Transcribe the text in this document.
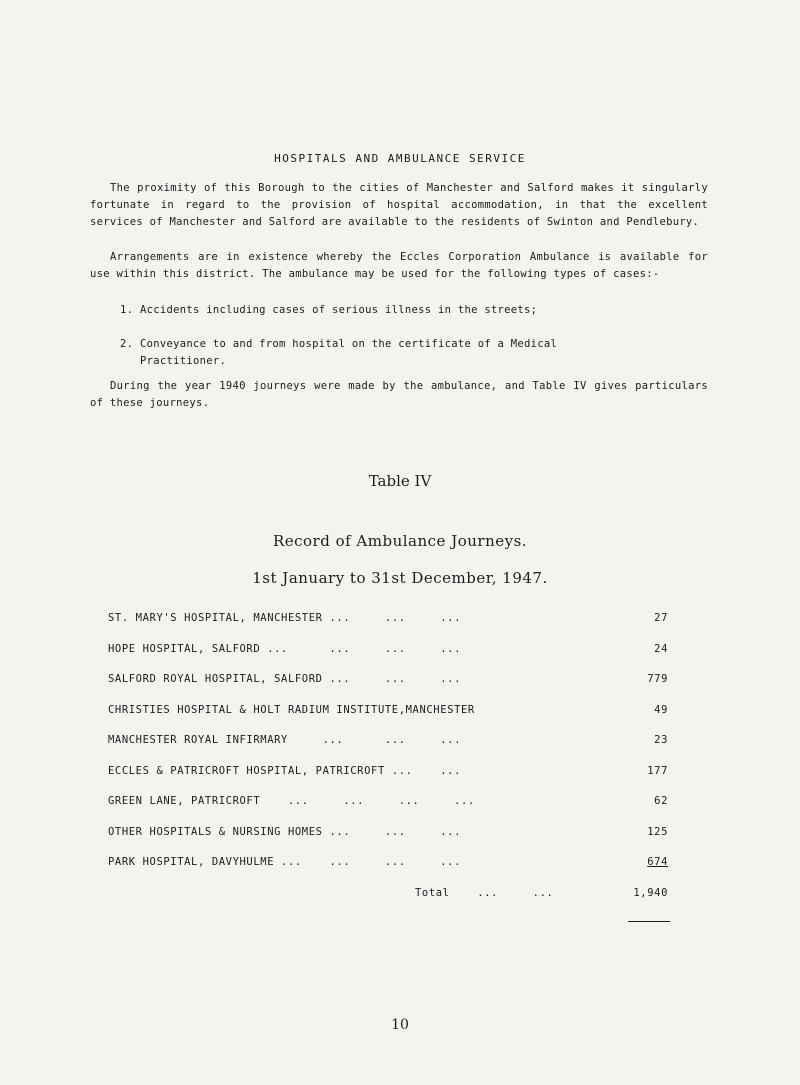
HOSPITALS AND AMBULANCE SERVICE

The proximity of this Borough to the cities of Manchester and Salford makes it singularly fortunate in regard to the provision of hospital accommodation, in that the excellent services of Manchester and Salford are available to the residents of Swinton and Pendlebury.

Arrangements are in existence whereby the Eccles Corporation Ambulance is available for use within this district. The ambulance may be used for the following types of cases:-

1. Accidents including cases of serious illness in the streets;

2. Conveyance to and from hospital on the certificate of a Medical
Practitioner.

During the year 1940 journeys were made by the ambulance, and Table IV gives particulars of these journeys.

Table IV
Record of Ambulance Journeys.
1st January to 31st December, 1947.
ST. MARY'S HOSPITAL, MANCHESTER ...     ...     ...	27
HOPE HOSPITAL, SALFORD ...      ...     ...     ...	24
SALFORD ROYAL HOSPITAL, SALFORD ...     ...     ...	779
CHRISTIES HOSPITAL & HOLT RADIUM INSTITUTE,MANCHESTER	49
MANCHESTER ROYAL INFIRMARY     ...      ...     ...	23
ECCLES & PATRICROFT HOSPITAL, PATRICROFT ...    ...	177
GREEN LANE, PATRICROFT    ...     ...     ...     ...	62
OTHER HOSPITALS & NURSING HOMES ...     ...     ...	125
PARK HOSPITAL, DAVYHULME ...    ...     ...     ...	674
Total    ...     ...	1,940
10
